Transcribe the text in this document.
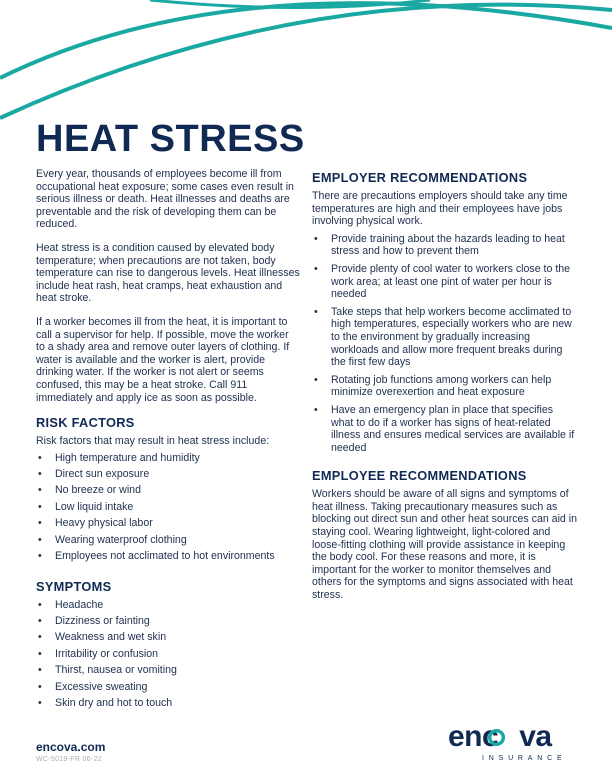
HEAT STRESS

Every year, thousands of employees become ill from occupational heat exposure; some cases even result in serious illness or death. Heat illnesses and deaths are preventable and the risk of developing them can be reduced.

Heat stress is a condition caused by elevated body temperature; when precautions are not taken, body temperature can rise to dangerous levels. Heat illnesses include heat rash, heat cramps, heat exhaustion and heat stroke.

If a worker becomes ill from the heat, it is important to call a supervisor for help. If possible, move the worker to a shady area and remove outer layers of clothing. If water is available and the worker is alert, provide drinking water. If the worker is not alert or seems confused, this may be a heat stroke. Call 911 immediately and apply ice as soon as possible.

RISK FACTORS

Risk factors that may result in heat stress include:

• High temperature and humidity
• Direct sun exposure
• No breeze or wind
• Low liquid intake
• Heavy physical labor
• Wearing waterproof clothing
• Employees not acclimated to hot environments
SYMPTOMS
• Headache
• Dizziness or fainting
• Weakness and wet skin
• Irritability or confusion
• Thirst, nausea or vomiting
• Excessive sweating
• Skin dry and hot to touch
EMPLOYER RECOMMENDATIONS

There are precautions employers should take any time temperatures are high and their employees have jobs involving physical work.

• Provide training about the hazards leading to heat stress and how to prevent them
• Provide plenty of cool water to workers close to the work area; at least one pint of water per hour is needed
• Take steps that help workers become acclimated to high temperatures, especially workers who are new to the environment by gradually increasing workloads and allow more frequent breaks during the first few days
• Rotating job functions among workers can help minimize overexertion and heat exposure
• Have an emergency plan in place that specifies what to do if a worker has signs of heat-related illness and ensures medical services are available if needed
EMPLOYEE RECOMMENDATIONS

Workers should be aware of all signs and symptoms of heat illness. Taking precautionary measures such as blocking out direct sun and other heat sources can aid in staying cool. Wearing lightweight, light-colored and loose-fitting clothing will provide assistance in keeping the body cool. For these reasons and more, it is important for the worker to monitor themselves and others for the symptoms and signs associated with heat stress.

encova.com
WC-5019-FR 06-22
enc va
INSURANCE
